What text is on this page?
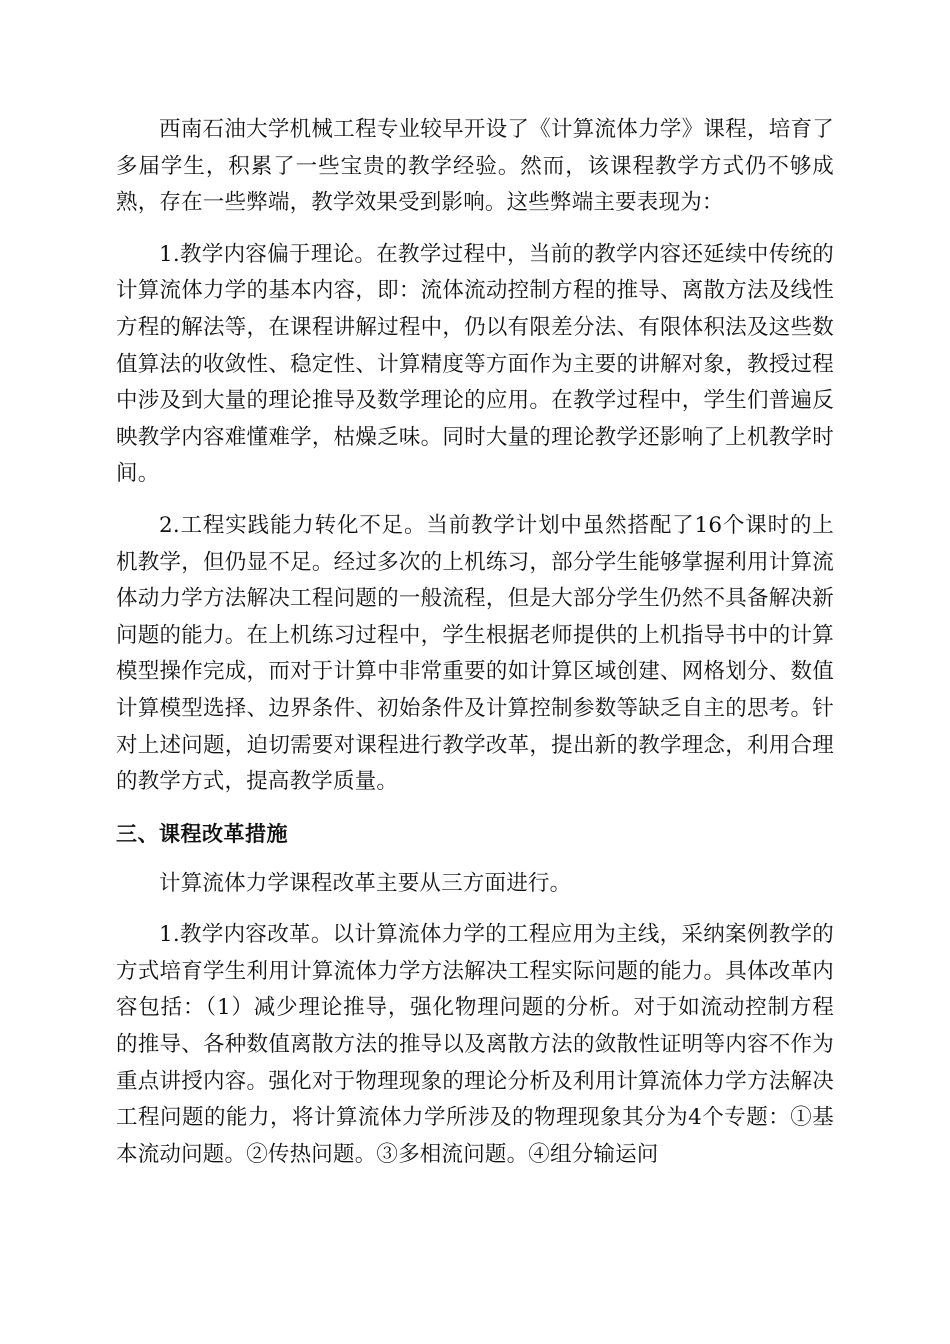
西南石油大学机械工程专业较早开设了《计算流体力学》课程，培育了多届学生，积累了一些宝贵的教学经验。然而，该课程教学方式仍不够成熟，存在一些弊端，教学效果受到影响。这些弊端主要表现为：

1.教学内容偏于理论。在教学过程中，当前的教学内容还延续中传统的计算流体力学的基本内容，即：流体流动控制方程的推导、离散方法及线性方程的解法等，在课程讲解过程中，仍以有限差分法、有限体积法及这些数值算法的收敛性、稳定性、计算精度等方面作为主要的讲解对象，教授过程中涉及到大量的理论推导及数学理论的应用。在教学过程中，学生们普遍反映教学内容难懂难学，枯燥乏味。同时大量的理论教学还影响了上机教学时间。

2.工程实践能力转化不足。当前教学计划中虽然搭配了16个课时的上机教学，但仍显不足。经过多次的上机练习，部分学生能够掌握利用计算流体动力学方法解决工程问题的一般流程，但是大部分学生仍然不具备解决新问题的能力。在上机练习过程中，学生根据老师提供的上机指导书中的计算模型操作完成，而对于计算中非常重要的如计算区域创建、网格划分、数值计算模型选择、边界条件、初始条件及计算控制参数等缺乏自主的思考。针对上述问题，迫切需要对课程进行教学改革，提出新的教学理念，利用合理的教学方式，提高教学质量。

三、课程改革措施

计算流体力学课程改革主要从三方面进行。

1.教学内容改革。以计算流体力学的工程应用为主线，采纳案例教学的方式培育学生利用计算流体力学方法解决工程实际问题的能力。具体改革内容包括：（1）减少理论推导，强化物理问题的分析。对于如流动控制方程的推导、各种数值离散方法的推导以及离散方法的敛散性证明等内容不作为重点讲授内容。强化对于物理现象的理论分析及利用计算流体力学方法解决工程问题的能力，将计算流体力学所涉及的物理现象其分为4个专题：①基本流动问题。②传热问题。③多相流问题。④组分输运问
